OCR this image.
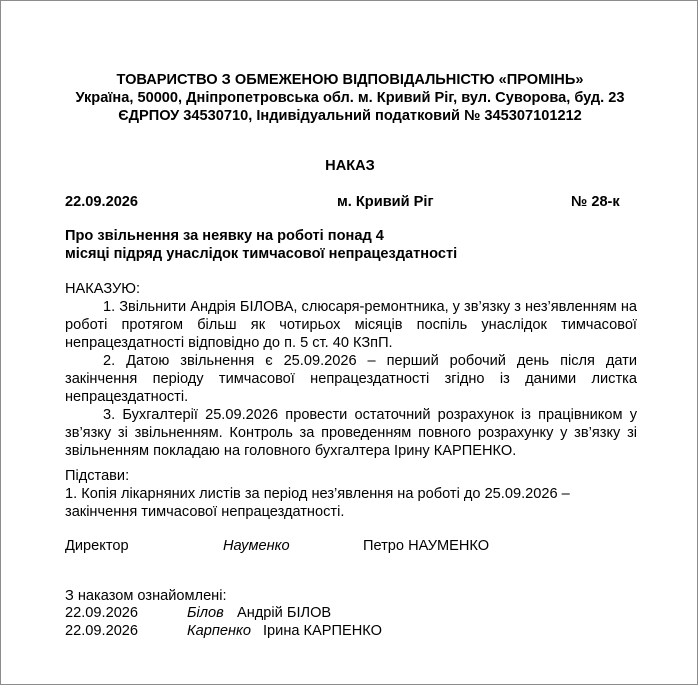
ТОВАРИСТВО З ОБМЕЖЕНОЮ ВІДПОВІДАЛЬНІСТЮ «ПРОМІНЬ»
Україна, 50000, Дніпропетровська обл. м. Кривий Ріг, вул. Суворова, буд. 23
ЄДРПОУ 34530710, Індивідуальний податковий № 345307101212
НАКАЗ
22.09.2026	м. Кривий Ріг	№ 28-к
Про звільнення за неявку на роботі понад 4
місяці підряд унаслідок тимчасової непрацездатності
НАКАЗУЮ:

1. Звільнити Андрія БІЛОВА, слюсаря-ремонтника, у зв’язку з нез’явленням на роботі протягом більш як чотирьох місяців поспіль унаслідок тимчасової непрацездатності відповідно до п. 5 ст. 40 КЗпП.

2. Датою звільнення є 25.09.2026 – перший робочий день після дати закінчення періоду тимчасової непрацездатності згідно із даними листка непрацездатності.

3. Бухгалтерії 25.09.2026 провести остаточний розрахунок із працівником у зв’язку зі звільненням. Контроль за проведенням повного розрахунку у зв’язку зі звільненням покладаю на головного бухгалтера Ірину КАРПЕНКО.

Підстави:
1. Копія лікарняних листів за період нез’явлення на роботі до 25.09.2026 –
закінчення тимчасової непрацездатності.
Директор	Науменко	Петро НАУМЕНКО
З наказом ознайомлені:
22.09.2026	Білов Андрій БІЛОВ
22.09.2026	Карпенко Ірина КАРПЕНКО
